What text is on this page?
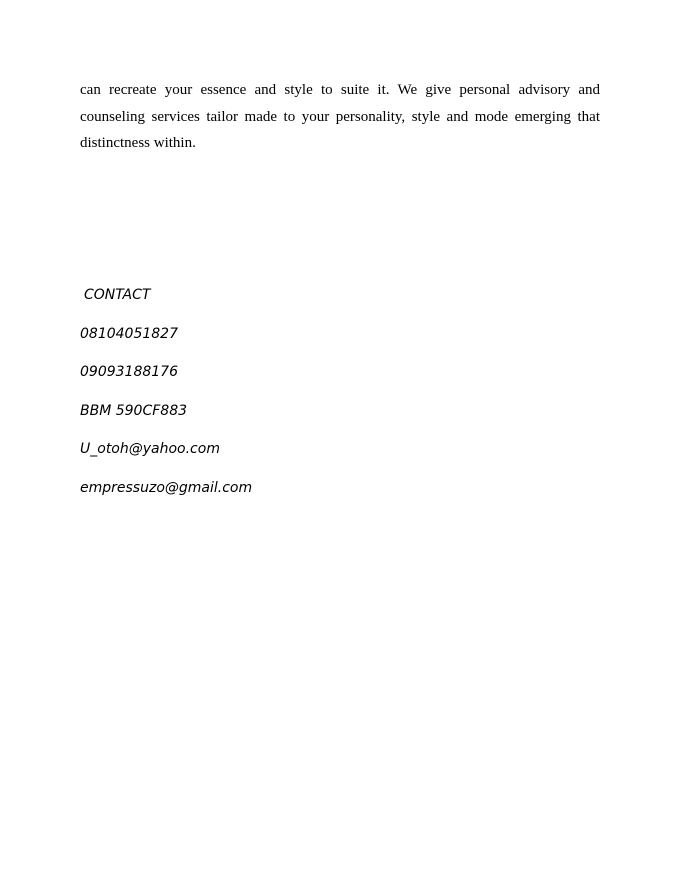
can recreate your essence and style to suite it. We give personal advisory and counseling services tailor made to your personality, style and mode emerging that distinctness within.

CONTACT
08104051827
09093188176
BBM 590CF883
U_otoh@yahoo.com
empressuzo@gmail.com
